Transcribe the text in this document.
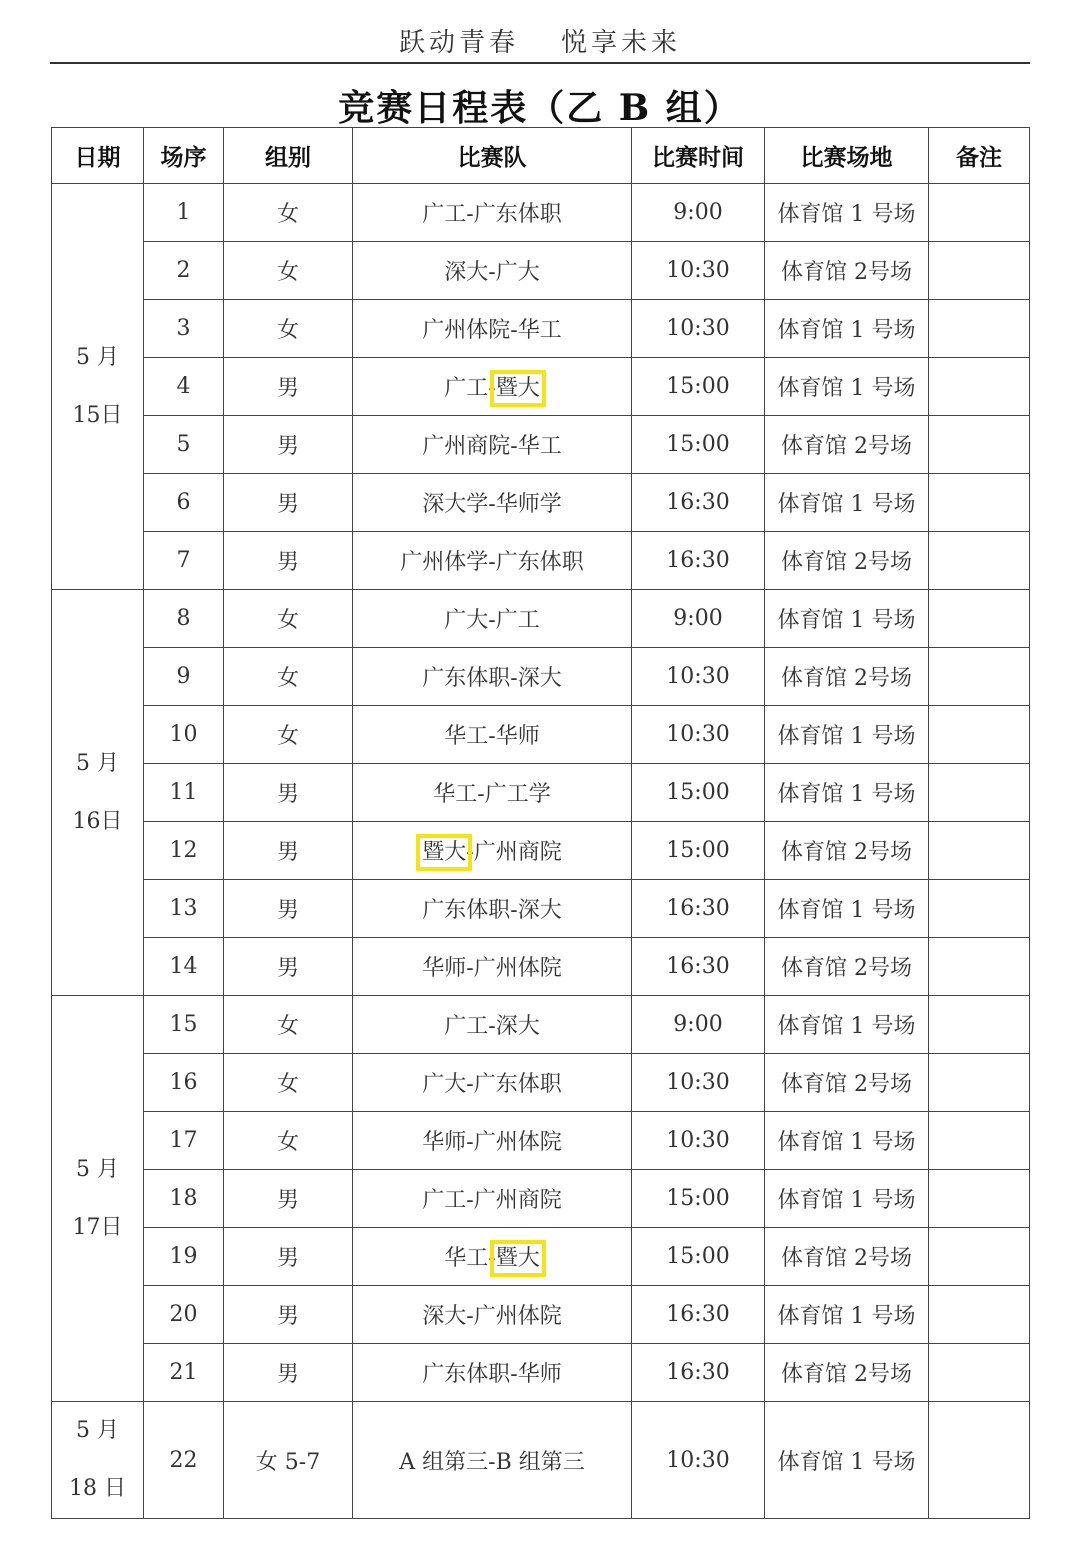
跃动青春 悦享未来
竞赛日程表（乙 B 组）
日期	场序	组别	比赛队	比赛时间	比赛场地	备注

5 月
15日	1	女	广工-广东体职	9:00	体育馆 1 号场	
	2	女	深大-广大	10:30	体育馆 2号场	
	3	女	广州体院-华工	10:30	体育馆 1 号场	
	4	男	广工-暨大	15:00	体育馆 1 号场	
	5	男	广州商院-华工	15:00	体育馆 2号场	
	6	男	深大学-华师学	16:30	体育馆 1 号场	
	7	男	广州体学-广东体职	16:30	体育馆 2号场	

5 月
16日	8	女	广大-广工	9:00	体育馆 1 号场	
	9	女	广东体职-深大	10:30	体育馆 2号场	
	10	女	华工-华师	10:30	体育馆 1 号场	
	11	男	华工-广工学	15:00	体育馆 1 号场	
	12	男	暨大-广州商院	15:00	体育馆 2号场	
	13	男	广东体职-深大	16:30	体育馆 1 号场	
	14	男	华师-广州体院	16:30	体育馆 2号场	

5 月
17日	15	女	广工-深大	9:00	体育馆 1 号场	
	16	女	广大-广东体职	10:30	体育馆 2号场	
	17	女	华师-广州体院	10:30	体育馆 1 号场	
	18	男	广工-广州商院	15:00	体育馆 1 号场	
	19	男	华工-暨大	15:00	体育馆 2号场	
	20	男	深大-广州体院	16:30	体育馆 1 号场	
	21	男	广东体职-华师	16:30	体育馆 2号场	

5 月
18 日	22	女 5-7	A 组第三-B 组第三	10:30	体育馆 1 号场	
